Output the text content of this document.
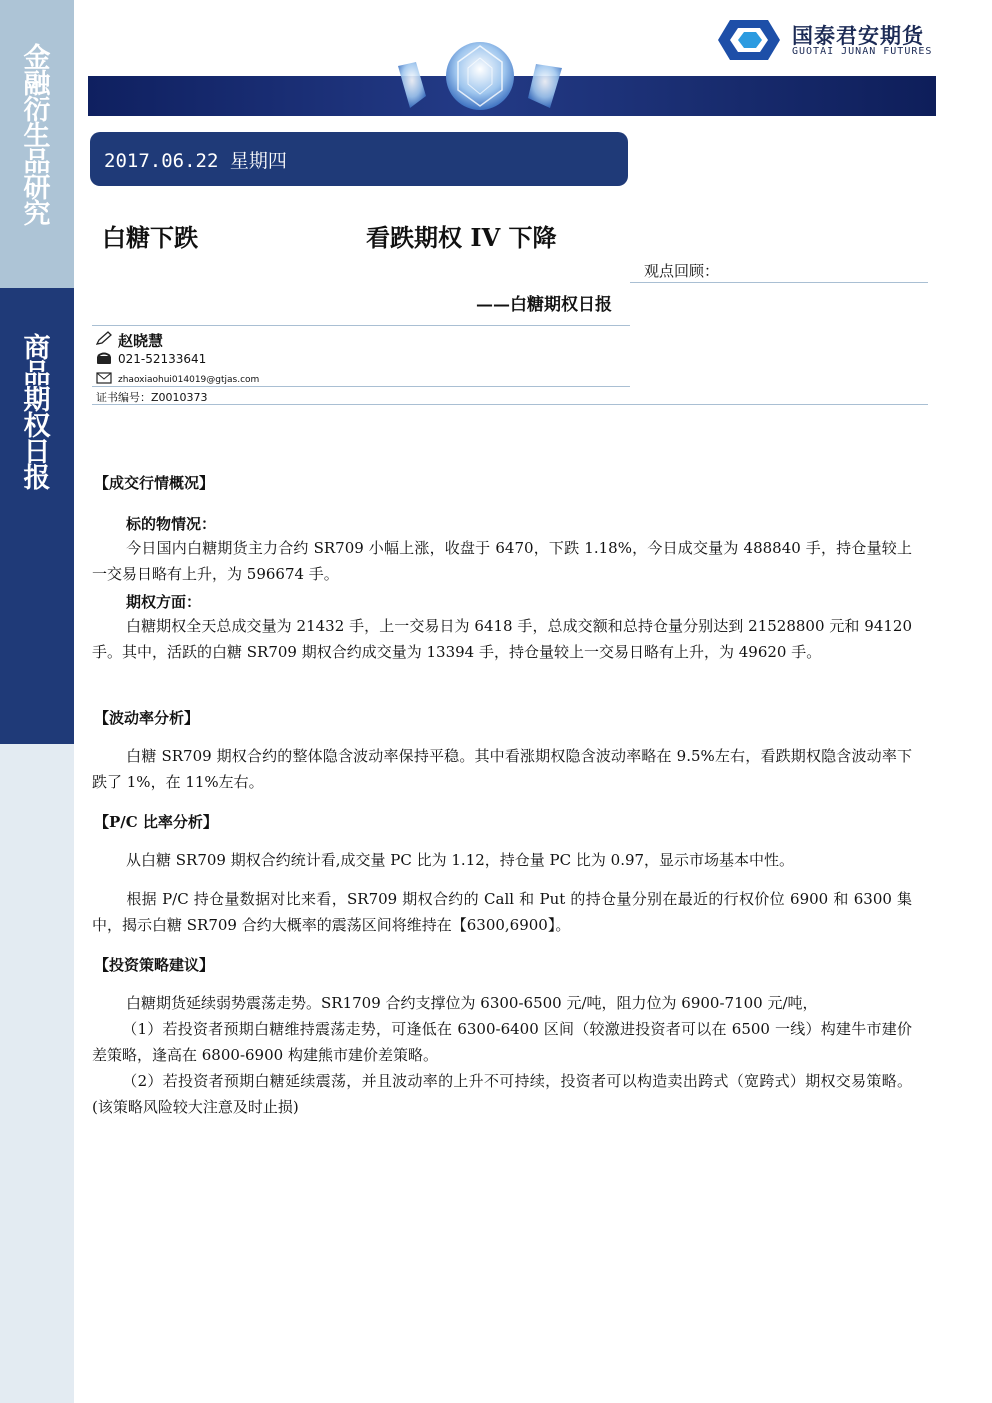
金
融
衍
生
品
研
究
商
品
期
权
日
报
国泰君安期货
GUOTAI JUNAN FUTURES
2017.06.22 星期四
白糖下跌	看跌期权 IV 下降
观点回顾：
——白糖期权日报
赵晓慧
021-52133641
zhaoxiaohui014019@gtjas.com
证书编号：Z0010373
【成交行情概况】
标的物情况：
今日国内白糖期货主力合约 SR709 小幅上涨，收盘于 6470，下跌 1.18%，今日成交量为 488840 手，持仓量较上一交易日略有上升，为 596674 手。
期权方面：
白糖期权全天总成交量为 21432 手，上一交易日为 6418 手，总成交额和总持仓量分别达到 21528800 元和 94120 手。其中，活跃的白糖 SR709 期权合约成交量为 13394 手，持仓量较上一交易日略有上升，为 49620 手。
【波动率分析】
白糖 SR709 期权合约的整体隐含波动率保持平稳。其中看涨期权隐含波动率略在 9.5%左右，看跌期权隐含波动率下跌了 1%，在 11%左右。
【P/C 比率分析】
从白糖 SR709 期权合约统计看,成交量 PC 比为 1.12，持仓量 PC 比为 0.97，显示市场基本中性。
根据 P/C 持仓量数据对比来看，SR709 期权合约的 Call 和 Put 的持仓量分别在最近的行权价位 6900 和 6300 集中，揭示白糖 SR709 合约大概率的震荡区间将维持在【6300,6900】。
【投资策略建议】
白糖期货延续弱势震荡走势。SR1709 合约支撑位为 6300-6500 元/吨，阻力位为 6900-7100 元/吨，
（1）若投资者预期白糖维持震荡走势，可逢低在 6300-6400 区间（较激进投资者可以在 6500 一线）构建牛市建价差策略，逢高在 6800-6900 构建熊市建价差策略。
（2）若投资者预期白糖延续震荡，并且波动率的上升不可持续，投资者可以构造卖出跨式（宽跨式）期权交易策略。(该策略风险较大注意及时止损)
